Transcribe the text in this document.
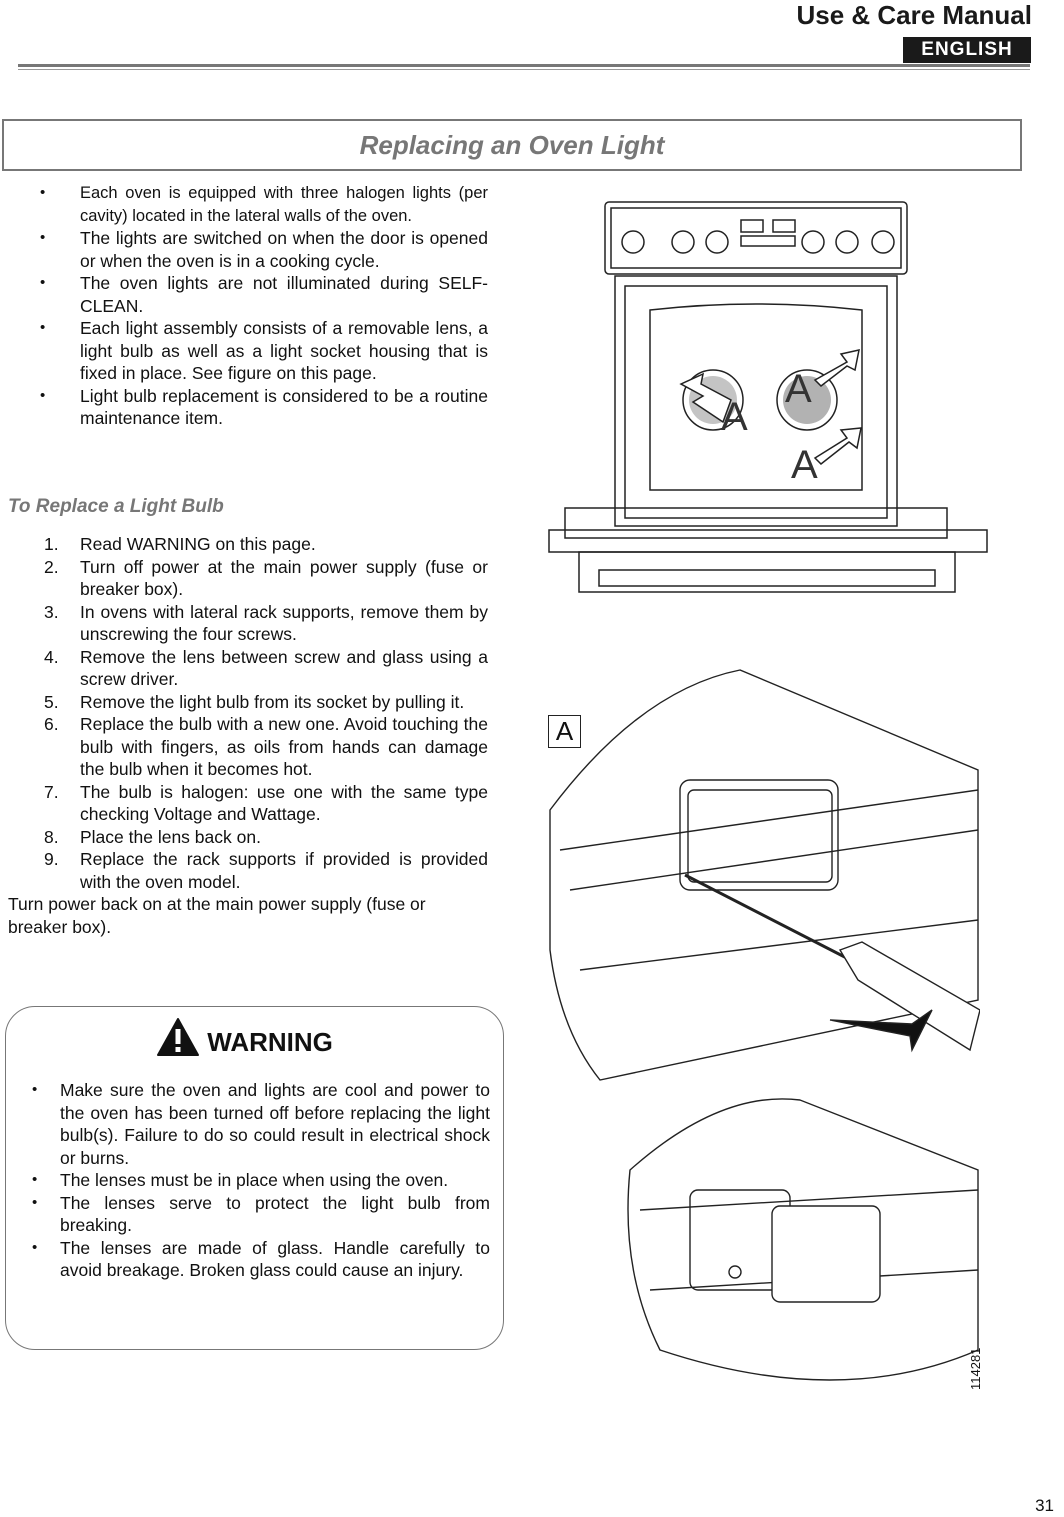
Use & Care Manual
ENGLISH
Replacing an Oven Light
• Each oven is equipped with three halogen lights (per cavity) located in the lateral walls of the oven.
• The lights are switched on when the door is opened or when the oven is in a cooking cycle.
• The oven lights are not illuminated during SELF- CLEAN.
• Each light assembly consists of a removable lens, a light bulb as well as a light socket housing that is fixed in place. See figure on this page.
• Light bulb replacement is considered to be a routine maintenance item.
To Replace a Light Bulb
1. Read WARNING on this page.
2. Turn off power at the main power supply (fuse or breaker box).
3. In ovens with lateral rack supports, remove them by unscrewing the four screws.
4. Remove the lens between screw and glass using a screw driver.
5. Remove the light bulb from its socket by pulling it.
6. Replace the bulb with a new one. Avoid touching the bulb with fingers, as oils from hands can damage the bulb when it becomes hot.
7. The bulb is halogen: use one with the same type checking Voltage and Wattage.
8. Place the lens back on.
9. Replace the rack supports if provided is provided with the oven model.
Turn power back on at the main power supply (fuse or breaker box).
WARNING
• Make sure the oven and lights are cool and power to the oven has been turned off before replacing the light bulb(s). Failure to do so could result in electrical shock or burns.
• The lenses must be in place when using the oven.
• The lenses serve to protect the light bulb from breaking.
• The lenses are made of glass. Handle carefully to avoid breakage. Broken glass could cause an injury.
A
A
A
A
114281
31
